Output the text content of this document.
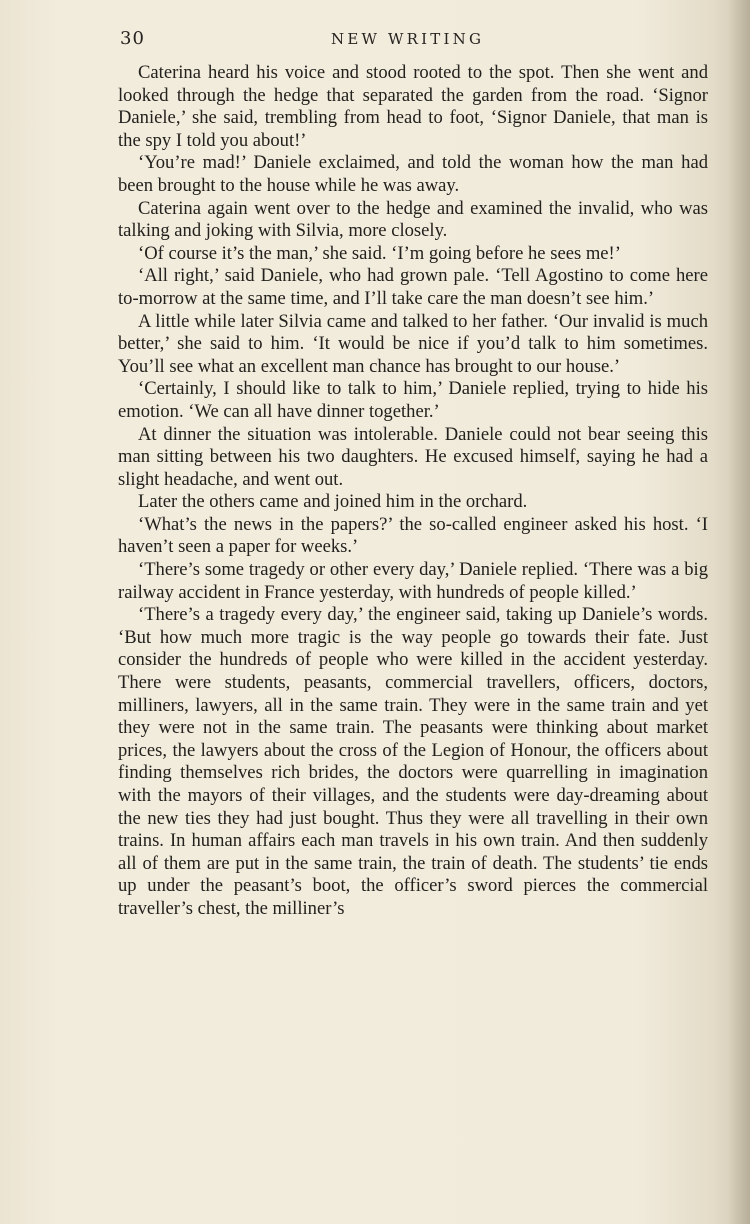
30	NEW WRITING

Caterina heard his voice and stood rooted to the spot. Then she went and looked through the hedge that separated the garden from the road. ‘Signor Daniele,’ she said, trembling from head to foot, ‘Signor Daniele, that man is the spy I told you about!’

‘You’re mad!’ Daniele exclaimed, and told the woman how the man had been brought to the house while he was away.

Caterina again went over to the hedge and examined the invalid, who was talking and joking with Silvia, more closely.

‘Of course it’s the man,’ she said. ‘I’m going before he sees me!’

‘All right,’ said Daniele, who had grown pale. ‘Tell Agostino to come here to-morrow at the same time, and I’ll take care the man doesn’t see him.’

A little while later Silvia came and talked to her father. ‘Our invalid is much better,’ she said to him. ‘It would be nice if you’d talk to him sometimes. You’ll see what an excellent man chance has brought to our house.’

‘Certainly, I should like to talk to him,’ Daniele replied, trying to hide his emotion. ‘We can all have dinner together.’

At dinner the situation was intolerable. Daniele could not bear seeing this man sitting between his two daughters. He excused himself, saying he had a slight headache, and went out.

Later the others came and joined him in the orchard.

‘What’s the news in the papers?’ the so-called engineer asked his host. ‘I haven’t seen a paper for weeks.’

‘There’s some tragedy or other every day,’ Daniele replied. ‘There was a big railway accident in France yesterday, with hundreds of people killed.’

‘There’s a tragedy every day,’ the engineer said, taking up Daniele’s words. ‘But how much more tragic is the way people go towards their fate. Just consider the hundreds of people who were killed in the accident yesterday. There were students, peasants, commercial travellers, officers, doctors, milliners, lawyers, all in the same train. They were in the same train and yet they were not in the same train. The peasants were thinking about market prices, the lawyers about the cross of the Legion of Honour, the officers about finding themselves rich brides, the doctors were quarrelling in imagination with the mayors of their villages, and the students were day-dreaming about the new ties they had just bought. Thus they were all travelling in their own trains. In human affairs each man travels in his own train. And then suddenly all of them are put in the same train, the train of death. The students’ tie ends up under the peasant’s boot, the officer’s sword pierces the commercial traveller’s chest, the milliner’s
